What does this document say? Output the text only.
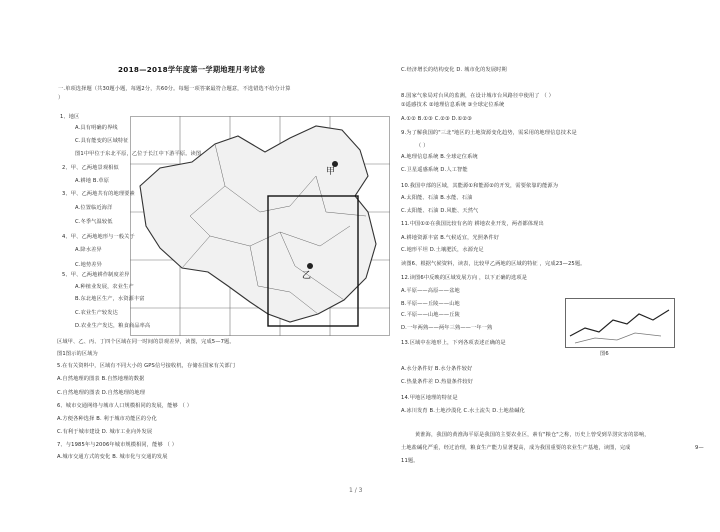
2018—2018学年度第一学期地理月考试卷
甲
乙
一.单项选择题（共30题小题，每题2分，共60分。每题一项答案最符合题意，不选错选不给分计算
）
1、地区
A.具有明确的界线
C.具有能变的区域特征
图1中甲位于东北平原，乙位于长江中下游平原。读图
2、甲、乙两地景观相似
A.耕地 B.草原
3、甲、乙两地共有的地理要素
A.位置临近海洋
C.冬季气温较低
4、甲、乙两地地形与一般关于
A.降水差异
C.地势差异
5、甲、乙两地耕作制度差异
A.种植业发展，农业生产
B.东北地区生产，水资源丰富
C.农业生产较发达
D.农业生产发达，粮食商品率高
区域甲、乙、丙、丁四个区域在同一时间的景观差异，读图，完成5—7题。
图1图示的区域为
5.在有关资料中，区域有不同大小的 GPS信号接收机，存储在国家有关部门
A.自然地理的图表 B.自然地理的数据
C.自然地理的图表 D.自然地理的地理
6、城市交通网络与城市人口规模相同的发展，能够 （ ）
A.方便各种选择 B. 利于城市功能区的分化
C.有利于城市建设 D. 城市工业向外发展
7、与1985年与2006年城市规模相同，能够 （ ）
A.城市交通方式的变化 B. 城市化与交通的发展
C.经济增长的结构变化 D. 城市化的发展时期
8.国家气象局对台风的监测，在设计城市台风路径中使用了 （ ）
①遥感技术 ②地理信息系统 ③全球定位系统
A.①② B.①③ C.②③ D.①②③
9.为了解我国的"三北"地区的土地资源变化趋势，需采用的地理信息技术是
（ ）
A.地理信息系统 B.全球定位系统
C.卫星遥感系统 D.人工智能
10.我国中部的区域，其能源①和能源②的开发，需要依靠的能源为
A.太阳能、石油 B.水能、石油
C.太阳能、石油 D.风能、天然气
11.中国①②在我国比较有名的 耕地农业开发，两者都体现出
A.耕地资源丰富 B.气候适宜，光照条件好
C.地形平坦 D.土壤肥沃，水源充足
读图6、根据气候资料，读表，比较甲乙两地的区域的特征 ，完成23—25题。
12.读图6中反映的区域发展方向 ，以下正确的选项是
A.平原——高原——盆地
B.平原——丘陵——山地
C.平原——山地——丘陵
D.一年两熟——两年三熟——一年一熟
13.区域中在地形上，下列各项表述正确的是
图6
A.水分条件好 B.水分条件较好
C.热量条件差 D.热量条件较好
14.甲地区地理的特征是
A.冰川发育 B.土地沙漠化 C.水土流失 D.土地盐碱化
黄淮海，我国的黄淮海平原是我国的主要农业区，素有"粮仓"之称，历史上曾受到旱涝灾害的影响，
土地盐碱化严重，经过治理，粮食生产能力显著提高，成为我国重要的农业生产基地，读图，完成	9—
11题。
1 / 3
